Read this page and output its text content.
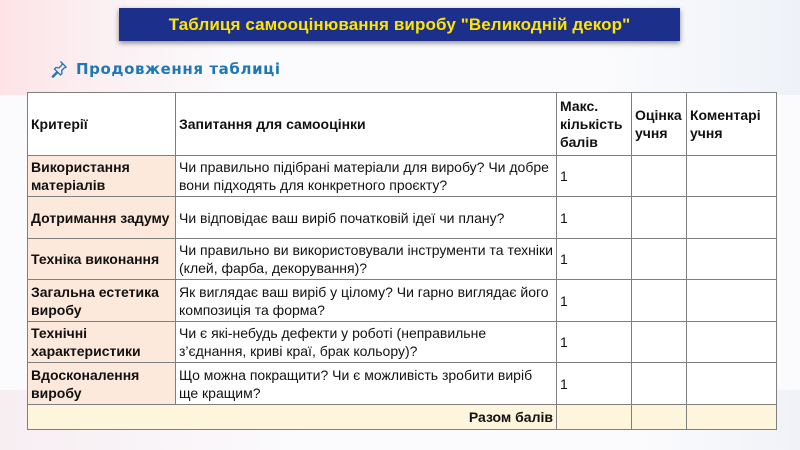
Таблиця самооцінювання виробу "Великодній декор"
Продовження таблиці
Критерії	Запитання для самооцінки	Макс. кількість балів	Оцінка учня	Коментарі учня
Використання матеріалів	Чи правильно підібрані матеріали для виробу? Чи добре вони підходять для конкретного проєкту?	1		
Дотримання задуму	Чи відповідає ваш виріб початковій ідеї чи плану?	1		
Техніка виконання	Чи правильно ви використовували інструменти та техніки (клей, фарба, декорування)?	1		
Загальна естетика виробу	Як виглядає ваш виріб у цілому? Чи гарно виглядає його композиція та форма?	1		
Технічні характеристики	Чи є які-небудь дефекти у роботі (неправильне з’єднання, криві краї, брак кольору)?	1		
Вдосконалення виробу	Що можна покращити? Чи є можливість зробити виріб ще кращим?	1		
Разом балів				
